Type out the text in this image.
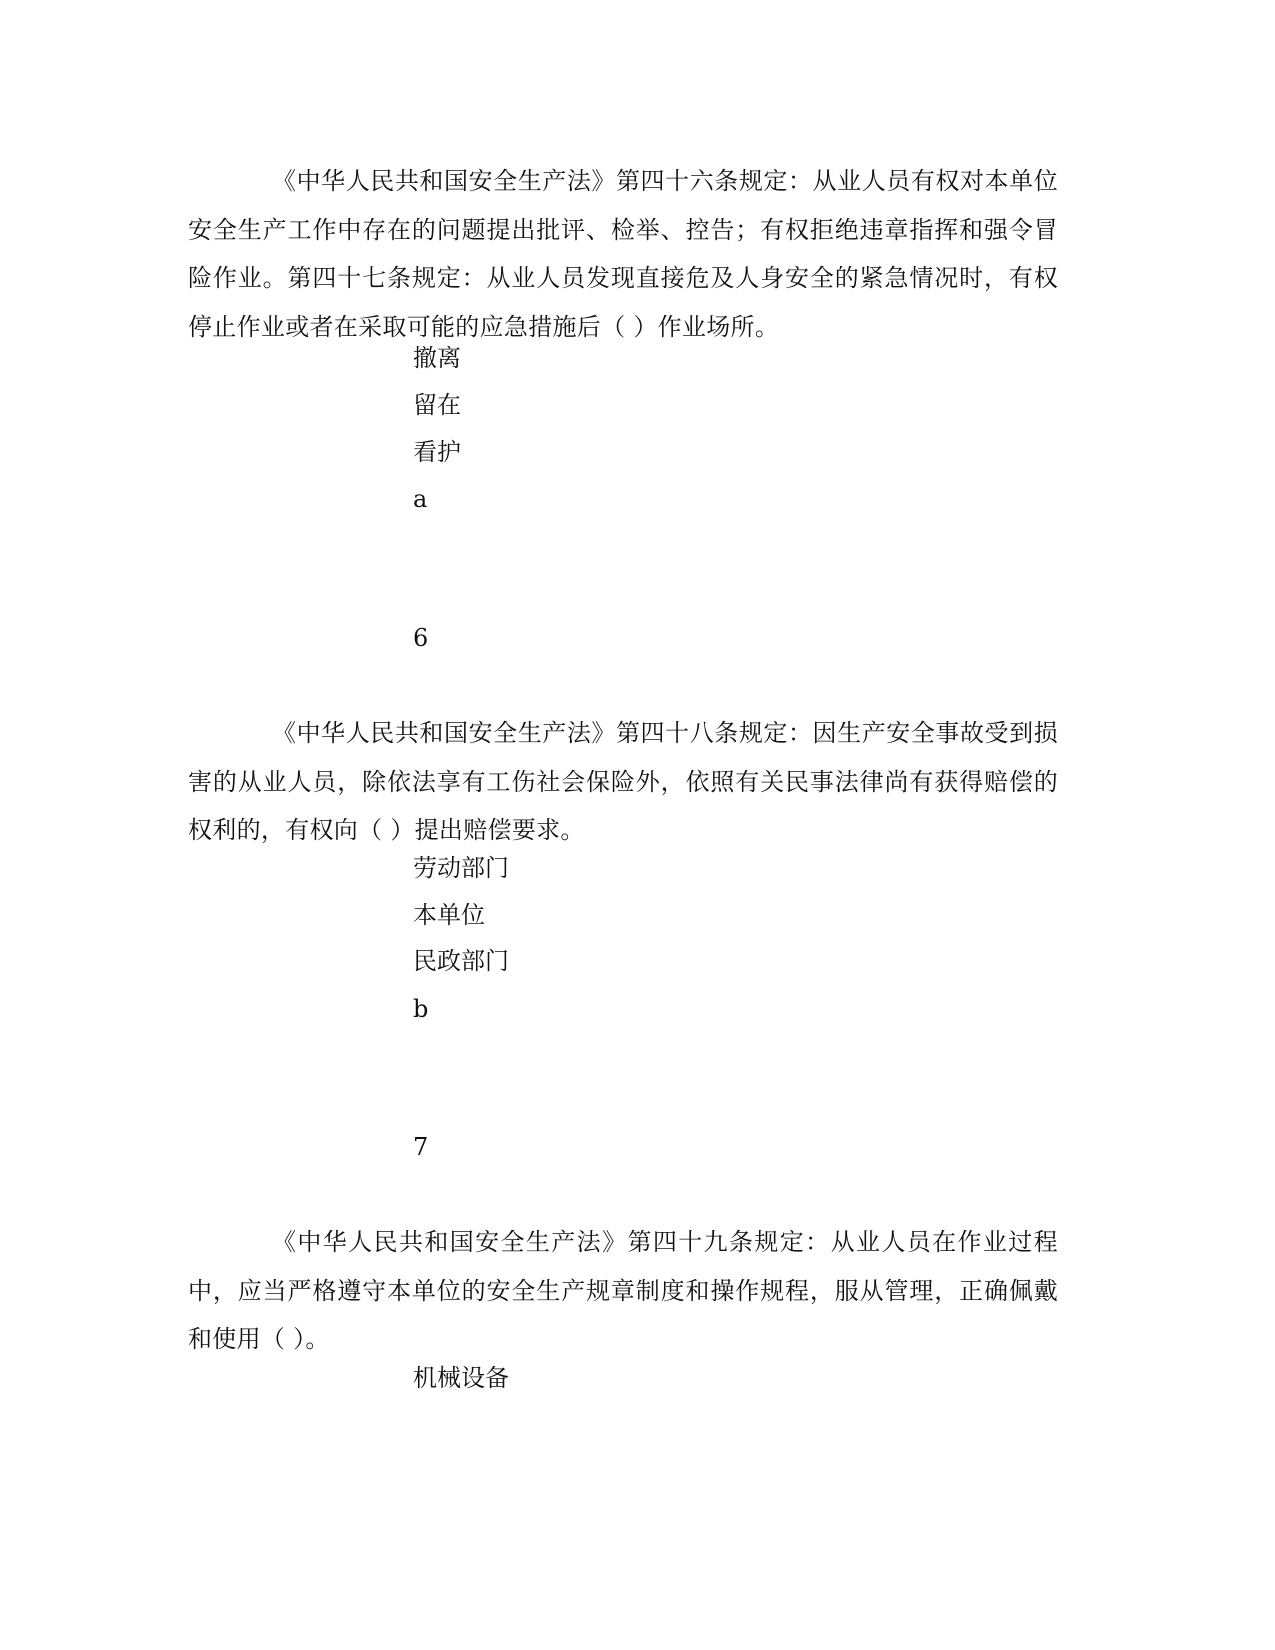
《中华人民共和国安全生产法》第四十六条规定：从业人员有权对本单位安全生产工作中存在的问题提出批评、检举、控告；有权拒绝违章指挥和强令冒险作业。第四十七条规定：从业人员发现直接危及人身安全的紧急情况时，有权停止作业或者在采取可能的应急措施后（ ）作业场所。

撤离

留在

看护

a

6

《中华人民共和国安全生产法》第四十八条规定：因生产安全事故受到损害的从业人员，除依法享有工伤社会保险外，依照有关民事法律尚有获得赔偿的权利的，有权向（ ）提出赔偿要求。

劳动部门

本单位

民政部门

b

7

《中华人民共和国安全生产法》第四十九条规定：从业人员在作业过程中，应当严格遵守本单位的安全生产规章制度和操作规程，服从管理，正确佩戴和使用（ ）。

机械设备
